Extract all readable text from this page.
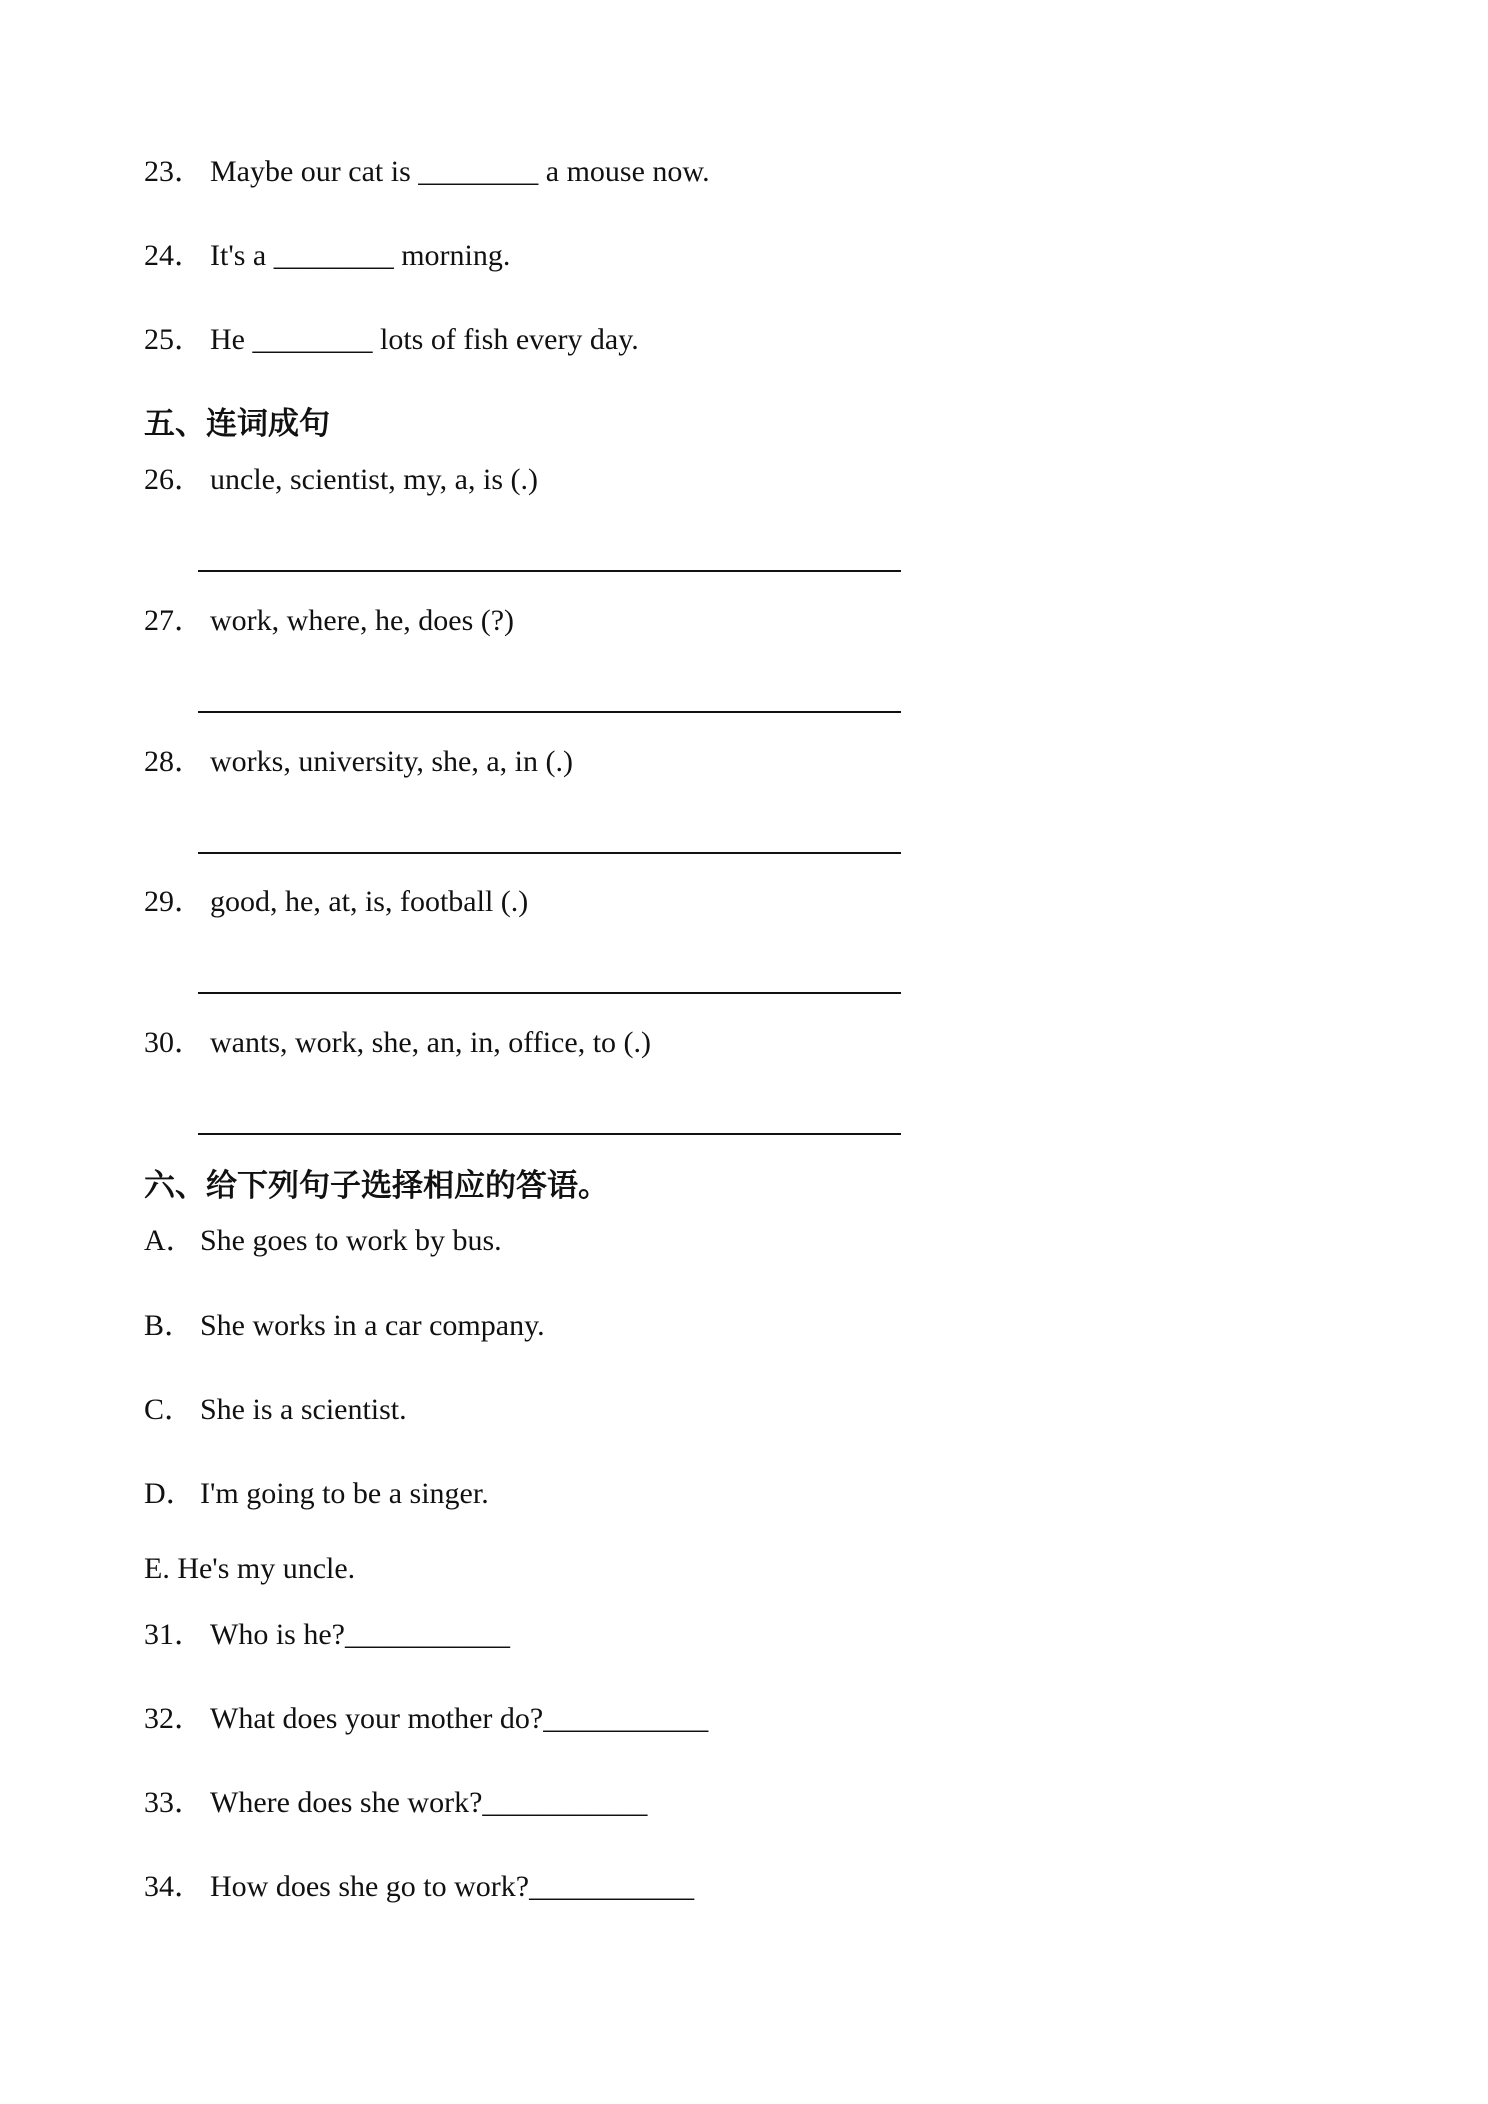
23． Maybe our cat is ________ a mouse now.
24． It's a ________ morning.
25． He ________ lots of fish every day.
五、连词成句
26． uncle, scientist, my, a, is (.)
27． work, where, he, does (?)
28． works, university, she, a, in (.)
29． good, he, at, is, football (.)
30． wants, work, she, an, in, office, to (.)
六、给下列句子选择相应的答语。
A． She goes to work by bus.
B． She works in a car company.
C． She is a scientist.
D． I'm going to be a singer.
E. He's my uncle.
31． Who is he?___________
32． What does your mother do?___________
33． Where does she work?___________
34． How does she go to work?___________
